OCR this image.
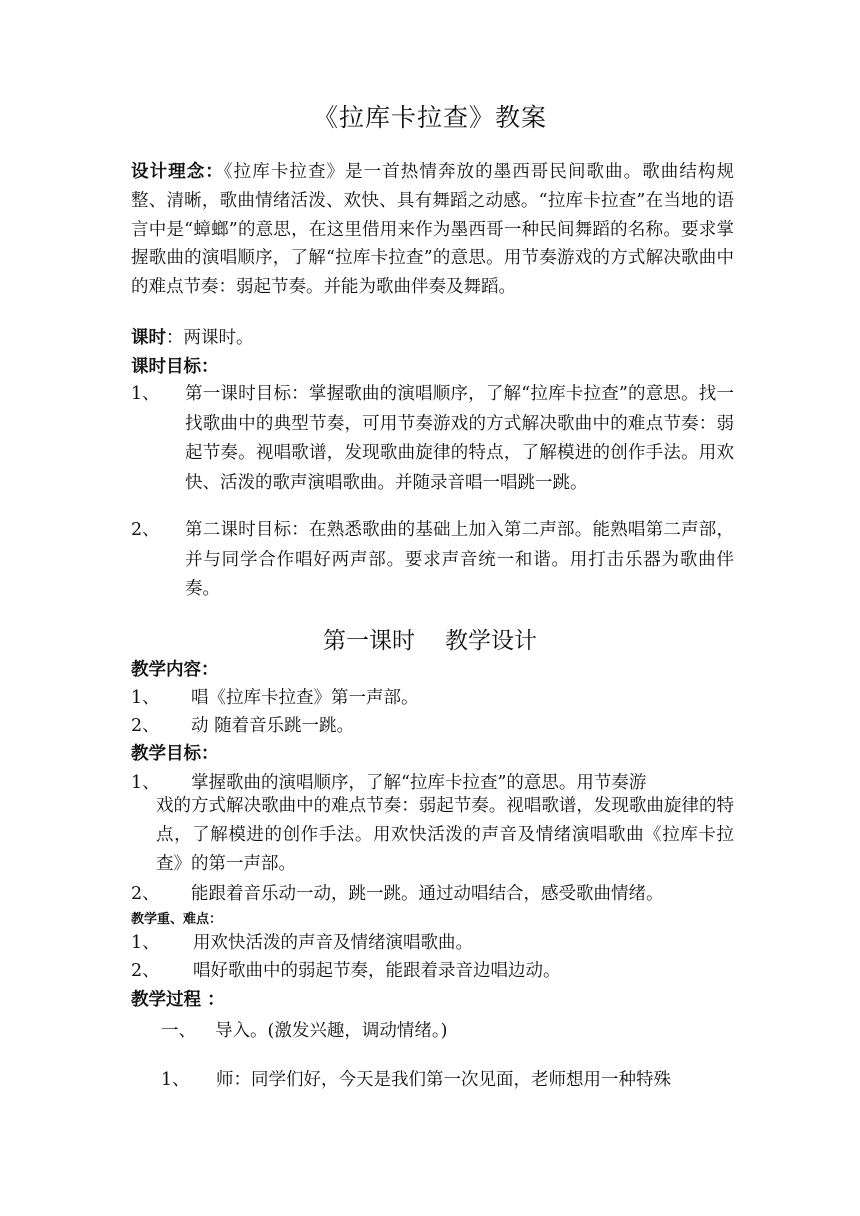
《拉库卡拉查》教案
设计理念：《拉库卡拉查》是一首热情奔放的墨西哥民间歌曲。歌曲结构规整、清晰，歌曲情绪活泼、欢快、具有舞蹈之动感。“拉库卡拉查”在当地的语言中是“蟑螂”的意思，在这里借用来作为墨西哥一种民间舞蹈的名称。要求掌握歌曲的演唱顺序，了解“拉库卡拉查”的意思。用节奏游戏的方式解决歌曲中的难点节奏：弱起节奏。并能为歌曲伴奏及舞蹈。
课时：两课时。
课时目标：
1、 第一课时目标：掌握歌曲的演唱顺序，了解“拉库卡拉查”的意思。找一找歌曲中的典型节奏，可用节奏游戏的方式解决歌曲中的难点节奏：弱起节奏。视唱歌谱，发现歌曲旋律的特点，了解模进的创作手法。用欢快、活泼的歌声演唱歌曲。并随录音唱一唱跳一跳。
2、 第二课时目标：在熟悉歌曲的基础上加入第二声部。能熟唱第二声部，并与同学合作唱好两声部。要求声音统一和谐。用打击乐器为歌曲伴奏。
第一课时 教学设计
教学内容：
1、 唱《拉库卡拉查》第一声部。
2、 动 随着音乐跳一跳。
教学目标：
1、 掌握歌曲的演唱顺序，了解“拉库卡拉查”的意思。用节奏游
戏的方式解决歌曲中的难点节奏：弱起节奏。视唱歌谱，发现歌曲旋律的特点，了解模进的创作手法。用欢快活泼的声音及情绪演唱歌曲《拉库卡拉查》的第一声部。
2、 能跟着音乐动一动，跳一跳。通过动唱结合，感受歌曲情绪。
教学重、难点：
1、 用欢快活泼的声音及情绪演唱歌曲。
2、 唱好歌曲中的弱起节奏，能跟着录音边唱边动。
教学过程 ：
一、 导入。(激发兴趣，调动情绪。)
1、 师：同学们好，今天是我们第一次见面，老师想用一种特殊
